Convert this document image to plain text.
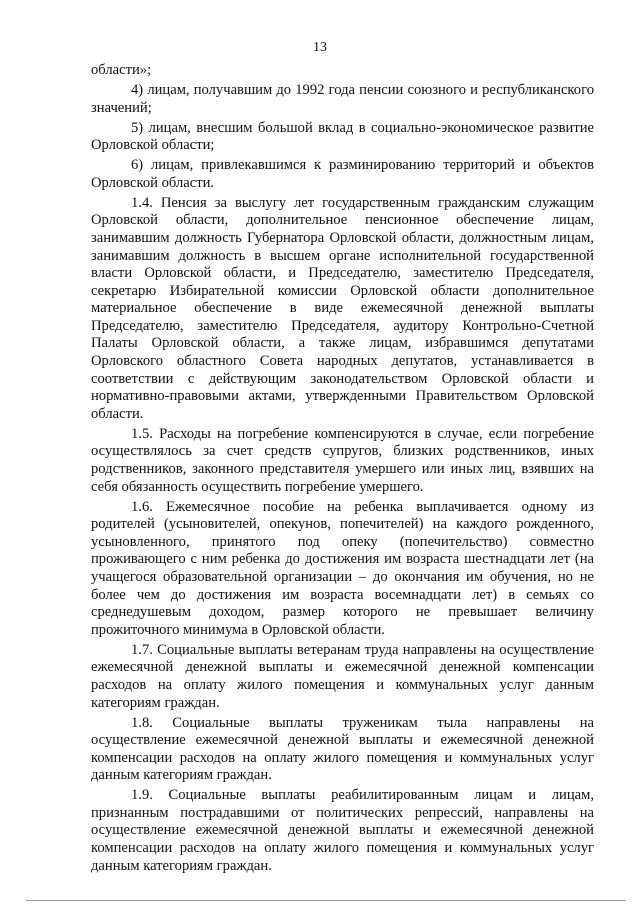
13

области»;

4) лицам, получавшим до 1992 года пенсии союзного и республиканского значений;

5) лицам, внесшим большой вклад в социально-экономическое развитие Орловской области;

6) лицам, привлекавшимся к разминированию территорий и объектов Орловской области.

1.4. Пенсия за выслугу лет государственным гражданским служащим Орловской области, дополнительное пенсионное обеспечение лицам, занимавшим должность Губернатора Орловской области, должностным лицам, занимавшим должность в высшем органе исполнительной государственной власти Орловской области, и Председателю, заместителю Председателя, секретарю Избирательной комиссии Орловской области дополнительное материальное обеспечение в виде ежемесячной денежной выплаты Председателю, заместителю Председателя, аудитору Контрольно-Счетной Палаты Орловской области, а также лицам, избравшимся депутатами Орловского областного Совета народных депутатов, устанавливается в соответствии с действующим законодательством Орловской области и нормативно-правовыми актами, утвержденными Правительством Орловской области.

1.5. Расходы на погребение компенсируются в случае, если погребение осуществлялось за счет средств супругов, близких родственников, иных родственников, законного представителя умершего или иных лиц, взявших на себя обязанность осуществить погребение умершего.

1.6. Ежемесячное пособие на ребенка выплачивается одному из родителей (усыновителей, опекунов, попечителей) на каждого рожденного, усыновленного, принятого под опеку (попечительство) совместно проживающего с ним ребенка до достижения им возраста шестнадцати лет (на учащегося образовательной организации – до окончания им обучения, но не более чем до достижения им возраста восемнадцати лет) в семьях со среднедушевым доходом, размер которого не превышает величину прожиточного минимума в Орловской области.

1.7. Социальные выплаты ветеранам труда направлены на осуществление ежемесячной денежной выплаты и ежемесячной денежной компенсации расходов на оплату жилого помещения и коммунальных услуг данным категориям граждан.

1.8. Социальные выплаты труженикам тыла направлены на осуществление ежемесячной денежной выплаты и ежемесячной денежной компенсации расходов на оплату жилого помещения и коммунальных услуг данным категориям граждан.

1.9. Социальные выплаты реабилитированным лицам и лицам, признанным пострадавшими от политических репрессий, направлены на осуществление ежемесячной денежной выплаты и ежемесячной денежной компенсации расходов на оплату жилого помещения и коммунальных услуг данным категориям граждан.
